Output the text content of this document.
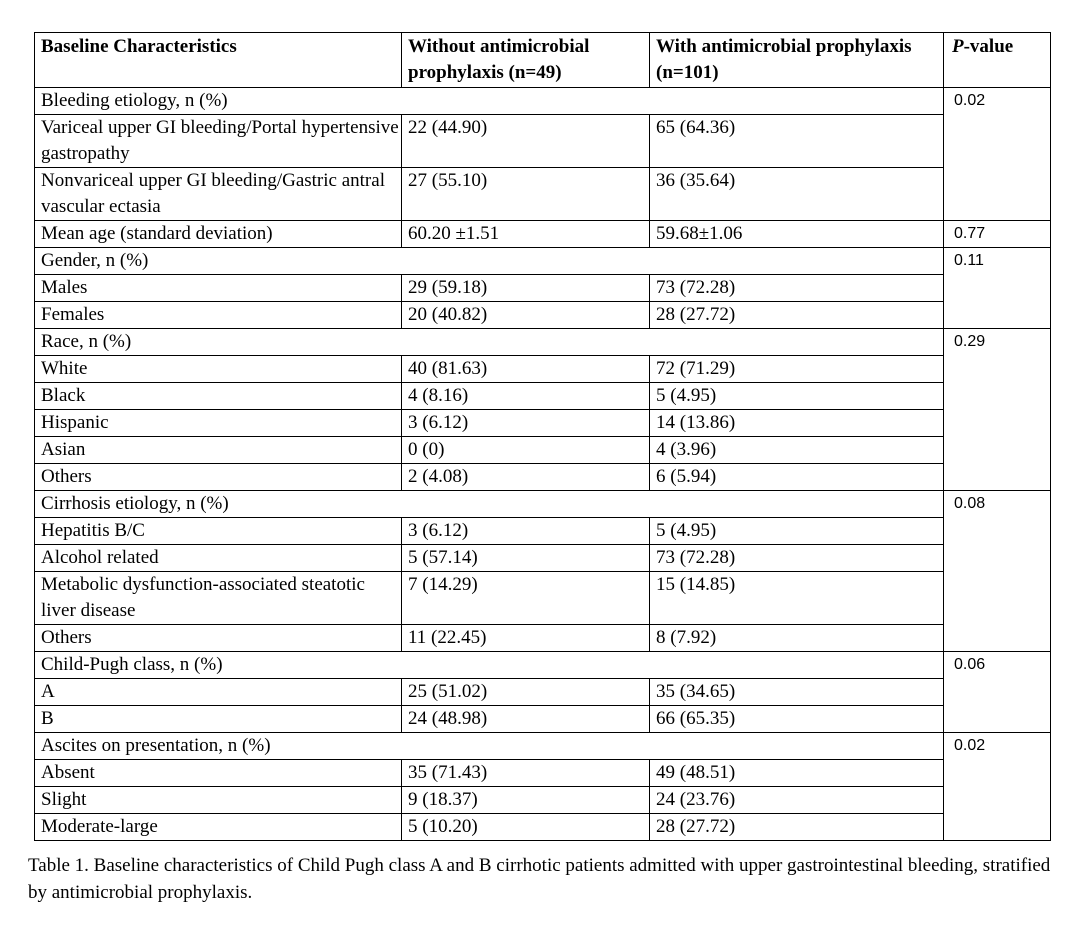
Baseline Characteristics	Without antimicrobial prophylaxis (n=49)	With antimicrobial prophylaxis (n=101)	P-value
Bleeding etiology, n (%)			0.02
Variceal upper GI bleeding/Portal hypertensive gastropathy	22 (44.90)	65 (64.36)	
Nonvariceal upper GI bleeding/Gastric antral vascular ectasia	27 (55.10)	36 (35.64)	
Mean age (standard deviation)	60.20 ±1.51	59.68±1.06	0.77
Gender, n (%)			0.11
Males	29 (59.18)	73 (72.28)	
Females	20 (40.82)	28 (27.72)	
Race, n (%)			0.29
White	40 (81.63)	72 (71.29)	
Black	4 (8.16)	5 (4.95)	
Hispanic	3 (6.12)	14 (13.86)	
Asian	0 (0)	4 (3.96)	
Others	2 (4.08)	6 (5.94)	
Cirrhosis etiology, n (%)			0.08
Hepatitis B/C	3 (6.12)	5 (4.95)	
Alcohol related	5 (57.14)	73 (72.28)	
Metabolic dysfunction-associated steatotic liver disease	7 (14.29)	15 (14.85)	
Others	11 (22.45)	8 (7.92)	
Child-Pugh class, n (%)			0.06
A	25 (51.02)	35 (34.65)	
B	24 (48.98)	66 (65.35)	
Ascites on presentation, n (%)			0.02
Absent	35 (71.43)	49 (48.51)	
Slight	9 (18.37)	24 (23.76)	
Moderate-large	5 (10.20)	28 (27.72)	
Table 1. Baseline characteristics of Child Pugh class A and B cirrhotic patients admitted with upper gastrointestinal bleeding, stratified by antimicrobial prophylaxis.
